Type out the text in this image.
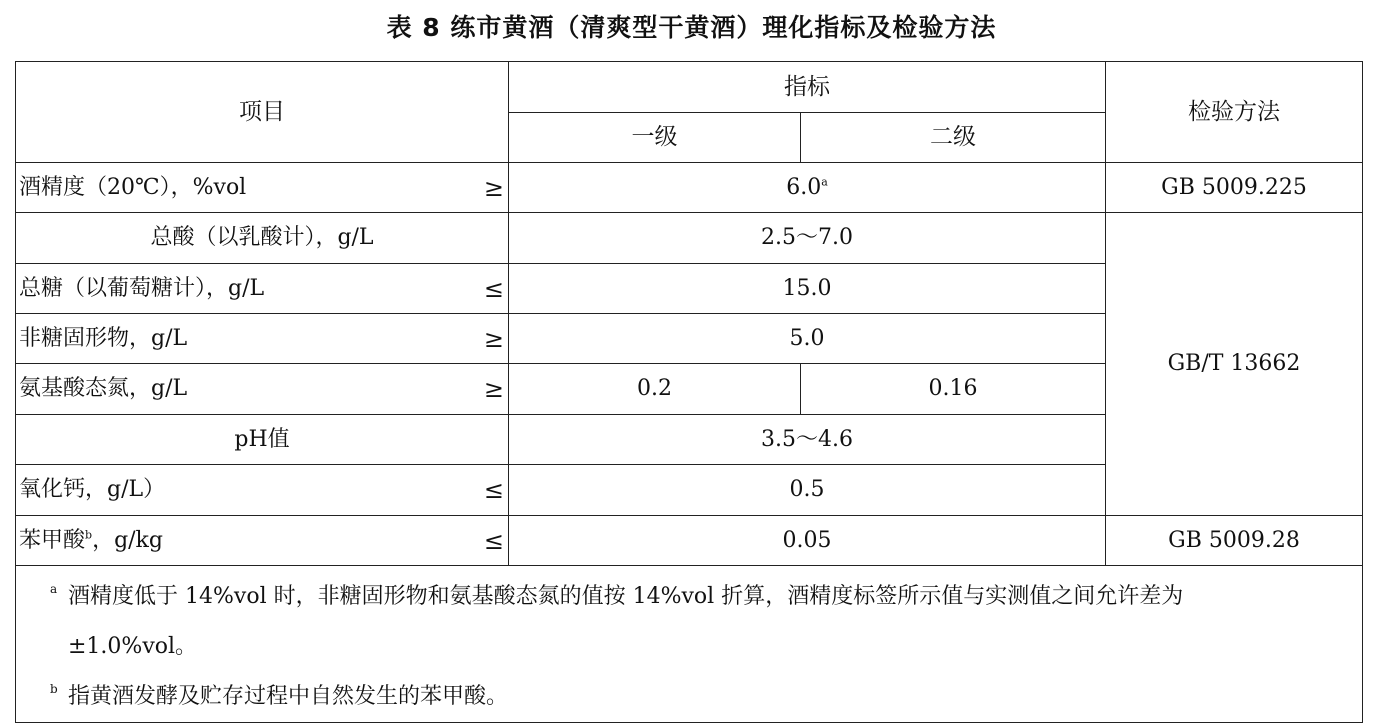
表 8 练市黄酒（清爽型干黄酒）理化指标及检验方法
项目	指标		检验方法
	一级	二级	
酒精度（20℃），%vol ≥	6.0$^a$		GB 5009.225
总酸（以乳酸计），g/L	2.5～7.0		GB/T 13662
总糖（以葡萄糖计），g/L ≤	15.0		
非糖固形物，g/L ≥	5.0		
氨基酸态氮，g/L ≥	0.2	0.16	
pH值	3.5～4.6		
氧化钙，g/L） ≤	0.5		
苯甲酸$^b$，g/kg ≤	0.05		GB 5009.28

a 酒精度低于 14%vol 时，非糖固形物和氨基酸态氮的值按 14%vol 折算，酒精度标签所示值与实测值之间允许差为
±1.0%vol。
b 指黄酒发酵及贮存过程中自然发生的苯甲酸。			
